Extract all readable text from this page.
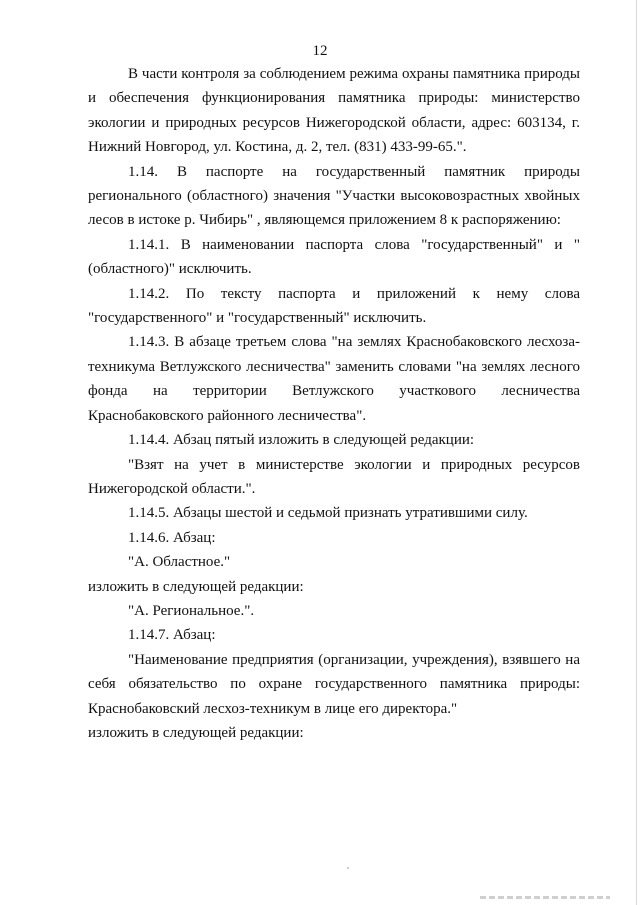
12

В части контроля за соблюдением режима охраны памятника природы и обеспечения функционирования памятника природы: министерство экологии и природных ресурсов Нижегородской области, адрес: 603134, г. Нижний Новгород, ул. Костина, д. 2, тел. (831) 433-99-65.".

1.14. В паспорте на государственный памятник природы регионального (областного) значения "Участки высоковозрастных хвойных лесов в истоке р. Чибирь" , являющемся приложением 8 к распоряжению:

1.14.1. В наименовании паспорта слова "государственный" и "(областного)" исключить.

1.14.2. По тексту паспорта и приложений к нему слова "государственного" и "государственный" исключить.

1.14.3. В абзаце третьем слова "на землях Краснобаковского лесхоза-техникума Ветлужского лесничества" заменить словами "на землях лесного фонда на территории Ветлужского участкового лесничества Краснобаковского районного лесничества".

1.14.4. Абзац пятый изложить в следующей редакции:

"Взят на учет в министерстве экологии и природных ресурсов Нижегородской области.".

1.14.5. Абзацы шестой и седьмой признать утратившими силу.

1.14.6. Абзац:

"А. Областное."

изложить в следующей редакции:

"А. Региональное.".

1.14.7. Абзац:

"Наименование предприятия (организации, учреждения), взявшего на себя обязательство по охране государственного памятника природы: Краснобаковский лесхоз-техникум в лице его директора."

изложить в следующей редакции:
